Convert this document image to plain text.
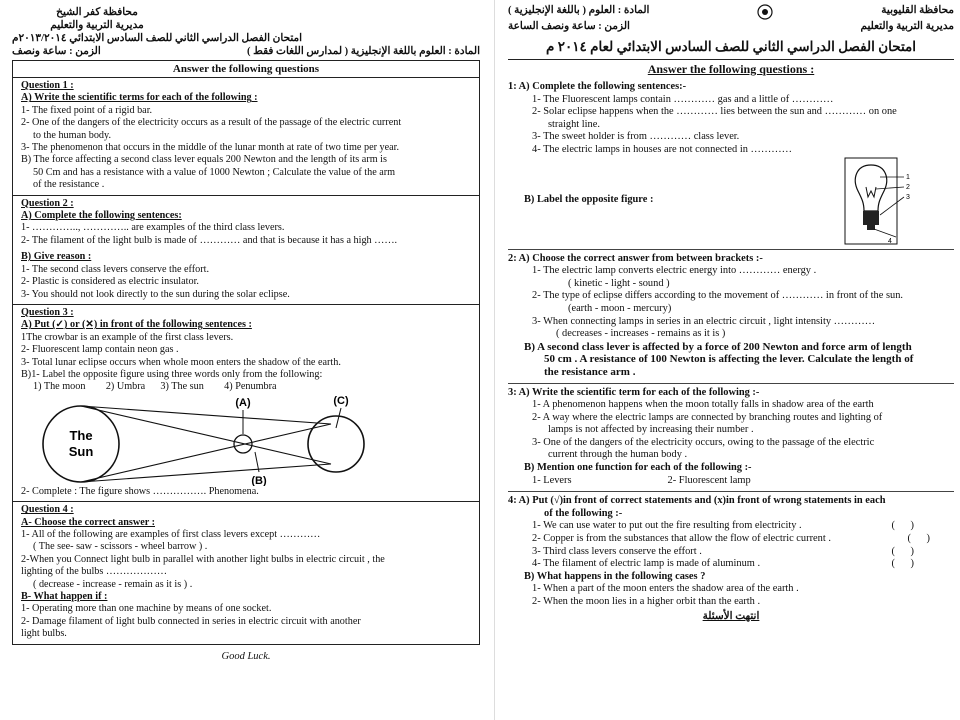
محافظة كفر الشيخ
مديرية التربية والتعليم
امتحان الفصل الدراسي الثاني للصف السادس الابتدائي ٢٠١٣/٢٠١٤م
الزمن : ساعة ونصف	المادة : العلوم باللغة الإنجليزية ( لمدارس اللغات فقط )
Answer the following questions
Question 1 :
A) Write the scientific terms for each of the following :
1- The fixed point of a rigid bar.
2- One of the dangers of the electricity occurs as a result of the passage of the electric current
to the human body.
3- The phenomenon that occurs in the middle of the lunar month at rate of two time per year.
B) The force affecting a second class lever equals 200 Newton and the length of its arm is
50 Cm and has a resistance with a value of 1000 Newton ; Calculate the value of the arm
of the resistance .
Question 2 :
A) Complete the following sentences:
1- ………….., ………….. are examples of the third class levers.
2- The filament of the light bulb is made of ………… and that is because it has a high …….
B) Give reason :
1- The second class levers conserve the effort.
2- Plastic is considered as electric insulator.
3- You should not look directly to the sun during the solar eclipse.
Question 3 :
A) Put (✓) or (✕) in front of the following sentences :
1The crowbar is an example of the first class levers.
2- Fluorescent lamp contain neon gas .
3- Total lunar eclipse occurs when whole moon enters the shadow of the earth.
B)1- Label the opposite figure using three words only from the following:
1) The moon        2) Umbra      3) The sun        4) Penumbra
The
Sun
(A)	(C)
(B)
2- Complete : The figure shows ……………. Phenomena.
Question 4 :
A- Choose the correct answer :
1- All of the following are examples of first class levers except …………
( The see- saw - scissors - wheel barrow ) .
2-When you Connect light bulb in parallel with another light bulbs in electric circuit , the
lighting of the bulbs ………………
( decrease - increase - remain as it is ) .
B- What happen if :
1- Operating more than one machine by means of one socket.
2- Damage filament of light bulb connected in series in electric circuit with another
light bulbs.
Good Luck.
المادة : العلوم ( باللغة الإنجليزية )	محافظة القليوبية
الزمن : ساعة ونصف الساعة	مديرية التربية والتعليم
امتحان الفصل الدراسي الثاني للصف السادس الابتدائي لعام ٢٠١٤ م
Answer the following questions :
1: A) Complete the following sentences:-
1- The Fluorescent lamps contain ………… gas and a little of …………
2- Solar eclipse happens when the ………… lies between the sun and ………… on one
straight line.
3- The sweet holder is from ………… class lever.
4- The electric lamps in houses are not connected in …………
B) Label the opposite figure :
1
2
3
4
2: A) Choose the correct answer from between brackets :-
1- The electric lamp converts electric energy into ………… energy .
( kinetic - light - sound )
2- The type of eclipse differs according to the movement of ………… in front of the sun.
(earth - moon - mercury)
3- When connecting lamps in series in an electric circuit , light intensity …………
( decreases - increases - remains as it is )
B) A second class lever is affected by a force of 200 Newton and force arm of length
50 cm . A resistance of 100 Newton is affecting the lever. Calculate the length of
the resistance arm .
3: A) Write the scientific term for each of the following :-
1- A phenomenon happens when the moon totally falls in shadow area of the earth
2- A way where the electric lamps are connected by branching routes and lighting of
lamps is not affected by increasing their number .
3- One of the dangers of the electricity occurs, owing to the passage of the electric
current through the human body .
B) Mention one function for each of the following :-
1- Levers	2- Fluorescent lamp
4: A) Put (√)in front of correct statements and (x)in front of wrong statements in each
of the following :-
1- We can use water to put out the fire resulting from electricity .	(      )
2- Copper is from the substances that allow the flow of electric current .	(      )
3- Third class levers conserve the effort .	(      )
4- The filament of electric lamp is made of aluminum .	(      )
B) What happens in the following cases ?
1- When a part of the moon enters the shadow area of the earth .
2- When the moon lies in a higher orbit than the earth .
انتهت الأسئلة
